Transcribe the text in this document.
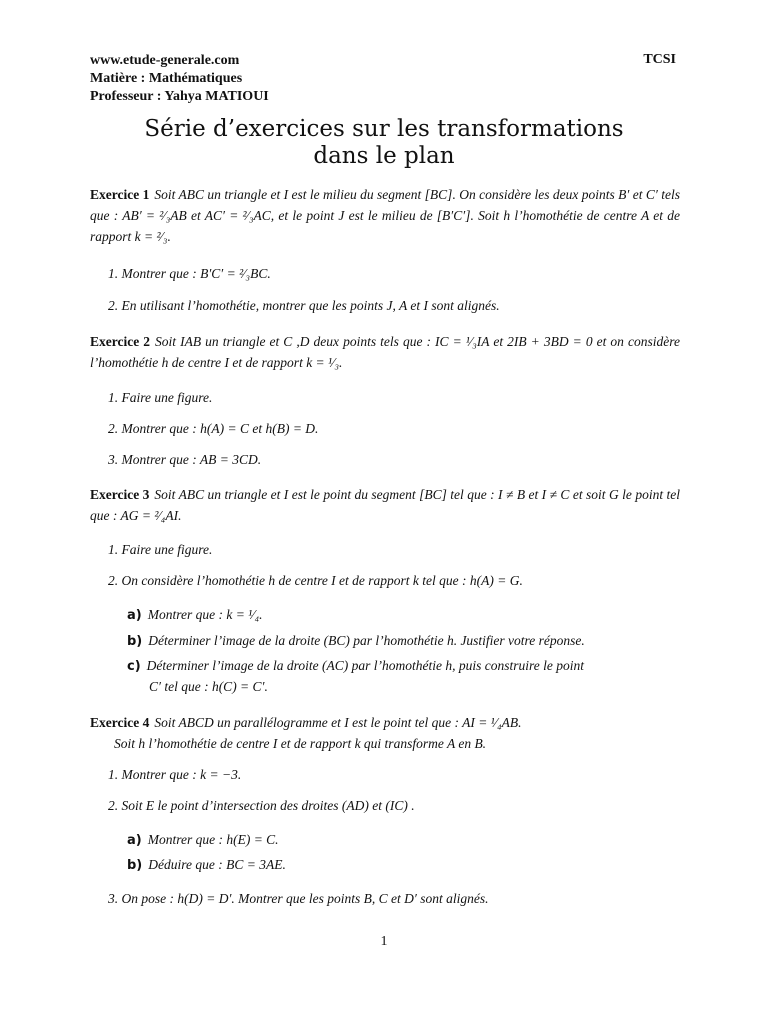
www.etude-generale.com
Matière : Mathématiques
Professeur : Yahya MATIOUI
TCSI
Série d’exercices sur les transformations
dans le plan
Exercice 1 Soit ABC un triangle et I est le milieu du segment [BC]. On considère les deux points B′ et C′ tels que : AB′ = ²⁄₃AB et AC′ = ²⁄₃AC, et le point J est le milieu de [B′C′]. Soit h l’homothétie de centre A et de rapport k = ²⁄₃.
1. Montrer que : B′C′ = ²⁄₃BC.
2. En utilisant l’homothétie, montrer que les points J, A et I sont alignés.
Exercice 2 Soit IAB un triangle et C ,D deux points tels que : IC = ¹⁄₃IA et 2IB + 3BD = 0 et on considère l’homothétie h de centre I et de rapport k = ¹⁄₃.
1. Faire une figure.
2. Montrer que : h(A) = C et h(B) = D.
3. Montrer que : AB = 3CD.
Exercice 3 Soit ABC un triangle et I est le point du segment [BC] tel que : I ≠ B et I ≠ C et soit G le point tel que : AG = ²⁄₄AI.
1. Faire une figure.
2. On considère l’homothétie h de centre I et de rapport k tel que : h(A) = G.
a) Montrer que : k = ¹⁄₄.
b) Déterminer l’image de la droite (BC) par l’homothétie h. Justifier votre réponse.
c) Déterminer l’image de la droite (AC) par l’homothétie h, puis construire le point
C′ tel que : h(C) = C′.
Exercice 4 Soit ABCD un parallélogramme et I est le point tel que : AI = ¹⁄₄AB.
Soit h l’homothétie de centre I et de rapport k qui transforme A en B.
1. Montrer que : k = −3.
2. Soit E le point d’intersection des droites (AD) et (IC) .
a) Montrer que : h(E) = C.
b) Déduire que : BC = 3AE.
3. On pose : h(D) = D′. Montrer que les points B, C et D′ sont alignés.
1
